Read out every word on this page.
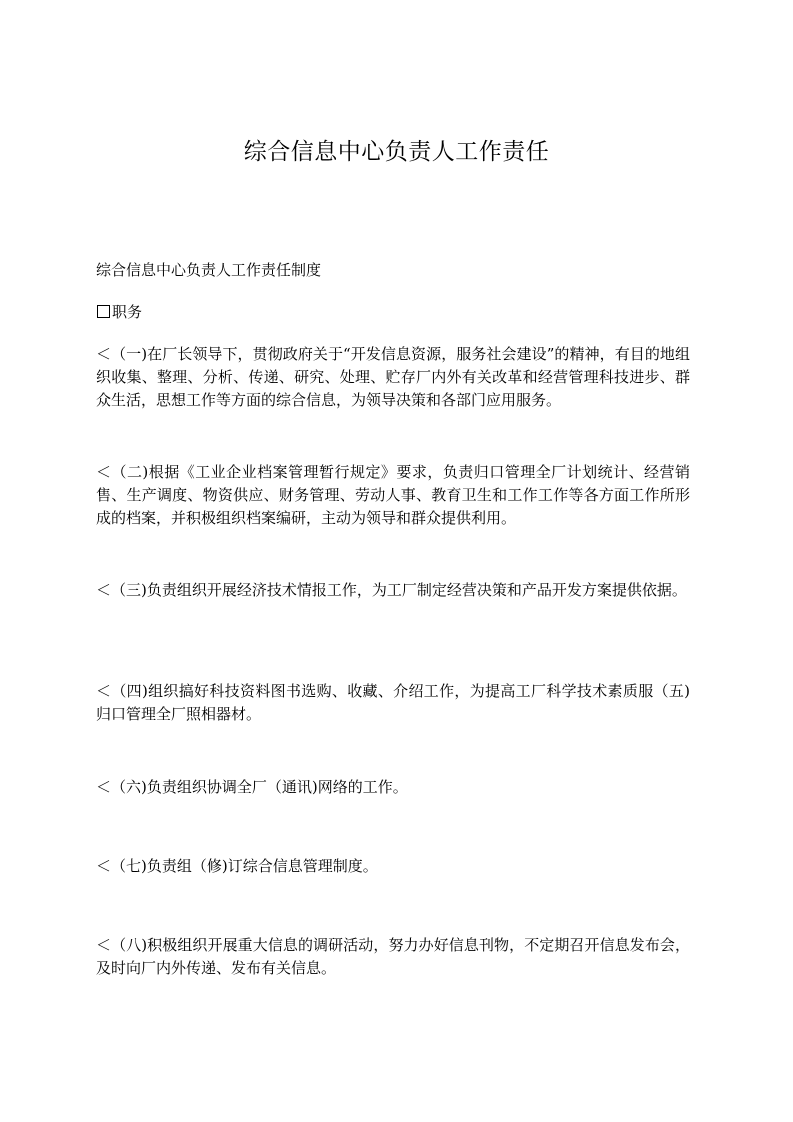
综合信息中心负责人工作责任

综合信息中心负责人工作责任制度

职务

＜（一)在厂长领导下，贯彻政府关于“开发信息资源，服务社会建设”的精神，有目的地组织收集、整理、分析、传递、研究、处理、贮存厂内外有关改革和经营管理科技进步、群众生活，思想工作等方面的综合信息，为领导决策和各部门应用服务。

＜（二)根据《工业企业档案管理暂行规定》要求，负责归口管理全厂计划统计、经营销售、生产调度、物资供应、财务管理、劳动人事、教育卫生和工作工作等各方面工作所形成的档案，并积极组织档案编研，主动为领导和群众提供利用。

＜（三)负责组织开展经济技术情报工作，为工厂制定经营决策和产品开发方案提供依据。

＜（四)组织搞好科技资料图书选购、收藏、介绍工作，为提高工厂科学技术素质服（五)归口管理全厂照相器材。

＜（六)负责组织协调全厂（通讯)网络的工作。

＜（七)负责组（修)订综合信息管理制度。

＜（八)积极组织开展重大信息的调研活动，努力办好信息刊物，不定期召开信息发布会，及时向厂内外传递、发布有关信息。
